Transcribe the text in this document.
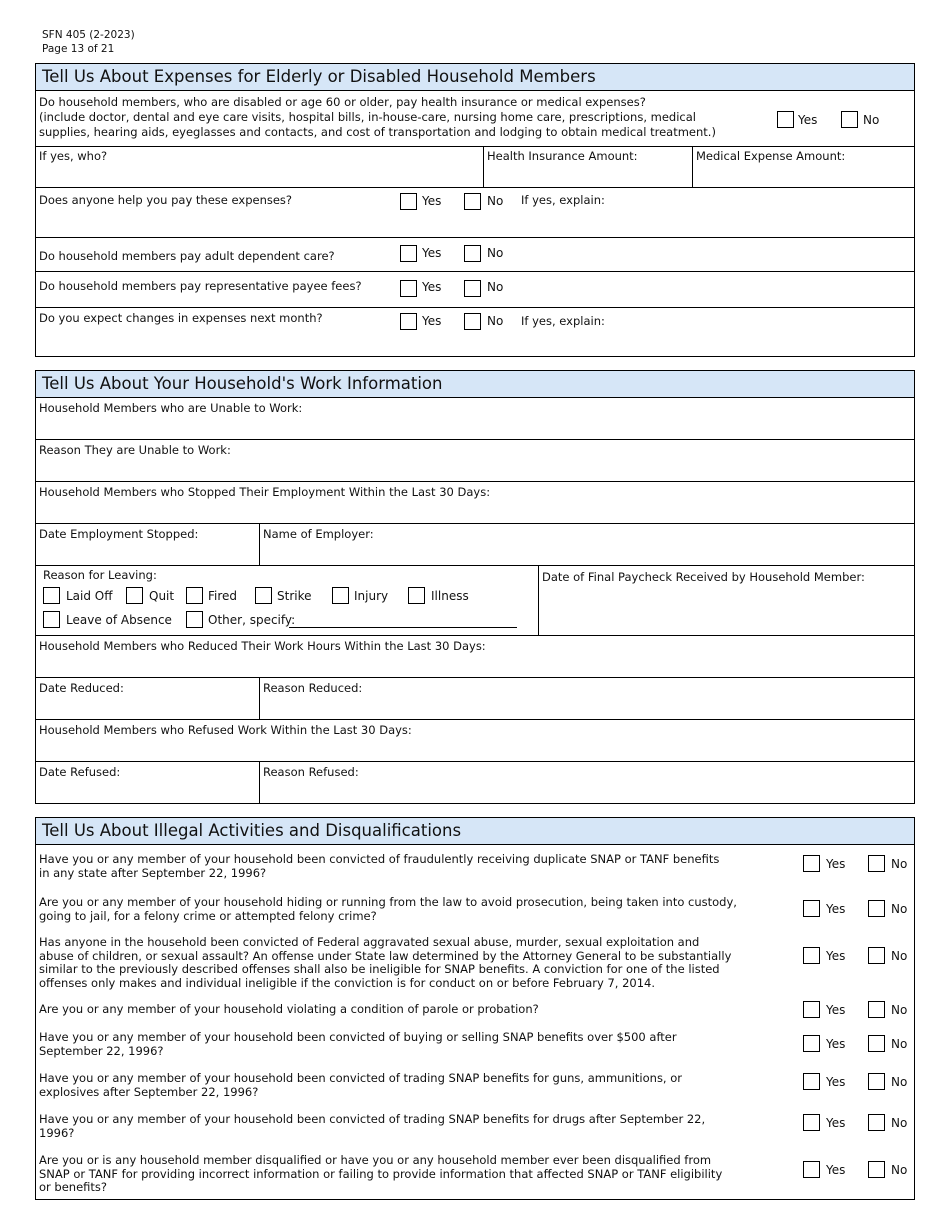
SFN 405 (2-2023)
Page 13 of 21
Tell Us About Expenses for Elderly or Disabled Household Members
Do household members, who are disabled or age 60 or older, pay health insurance or medical expenses?
(include doctor, dental and eye care visits, hospital bills, in-house-care, nursing home care, prescriptions, medical
supplies, hearing aids, eyeglasses and contacts, and cost of transportation and lodging to obtain medical treatment.)
Yes	No
If yes, who?	Health Insurance Amount:	Medical Expense Amount:
Does anyone help you pay these expenses?	Yes	No If yes, explain:
Do household members pay adult dependent care?	Yes	No
Do household members pay representative payee fees?	Yes	No
Do you expect changes in expenses next month?	Yes	No If yes, explain:
Tell Us About Your Household's Work Information
Household Members who are Unable to Work:
Reason They are Unable to Work:
Household Members who Stopped Their Employment Within the Last 30 Days:
Date Employment Stopped:	Name of Employer:
Reason for Leaving:
Laid Off	Quit	Fired	Strike	Injury	Illness
Leave of Absence	Other, specify:
Date of Final Paycheck Received by Household Member:
Household Members who Reduced Their Work Hours Within the Last 30 Days:
Date Reduced:	Reason Reduced:
Household Members who Refused Work Within the Last 30 Days:
Date Refused:	Reason Refused:
Tell Us About Illegal Activities and Disqualifications
Have you or any member of your household been convicted of fraudulently receiving duplicate SNAP or TANF benefits
in any state after September 22, 1996?
Yes	No
Are you or any member of your household hiding or running from the law to avoid prosecution, being taken into custody,
going to jail, for a felony crime or attempted felony crime?	Yes	No
Has anyone in the household been convicted of Federal aggravated sexual abuse, murder, sexual exploitation and
abuse of children, or sexual assault? An offense under State law determined by the Attorney General to be substantially
similar to the previously described offenses shall also be ineligible for SNAP benefits. A conviction for one of the listed
offenses only makes and individual ineligible if the conviction is for conduct on or before February 7, 2014.
Yes	No
Are you or any member of your household violating a condition of parole or probation?	Yes	No
Have you or any member of your household been convicted of buying or selling SNAP benefits over $500 after
September 22, 1996?	Yes	No
Have you or any member of your household been convicted of trading SNAP benefits for guns, ammunitions, or
explosives after September 22, 1996?
Yes	No
Have you or any member of your household been convicted of trading SNAP benefits for drugs after September 22,
1996?
Yes	No
Are you or is any household member disqualified or have you or any household member ever been disqualified from
SNAP or TANF for providing incorrect information or failing to provide information that affected SNAP or TANF eligibility
or benefits?
Yes	No
